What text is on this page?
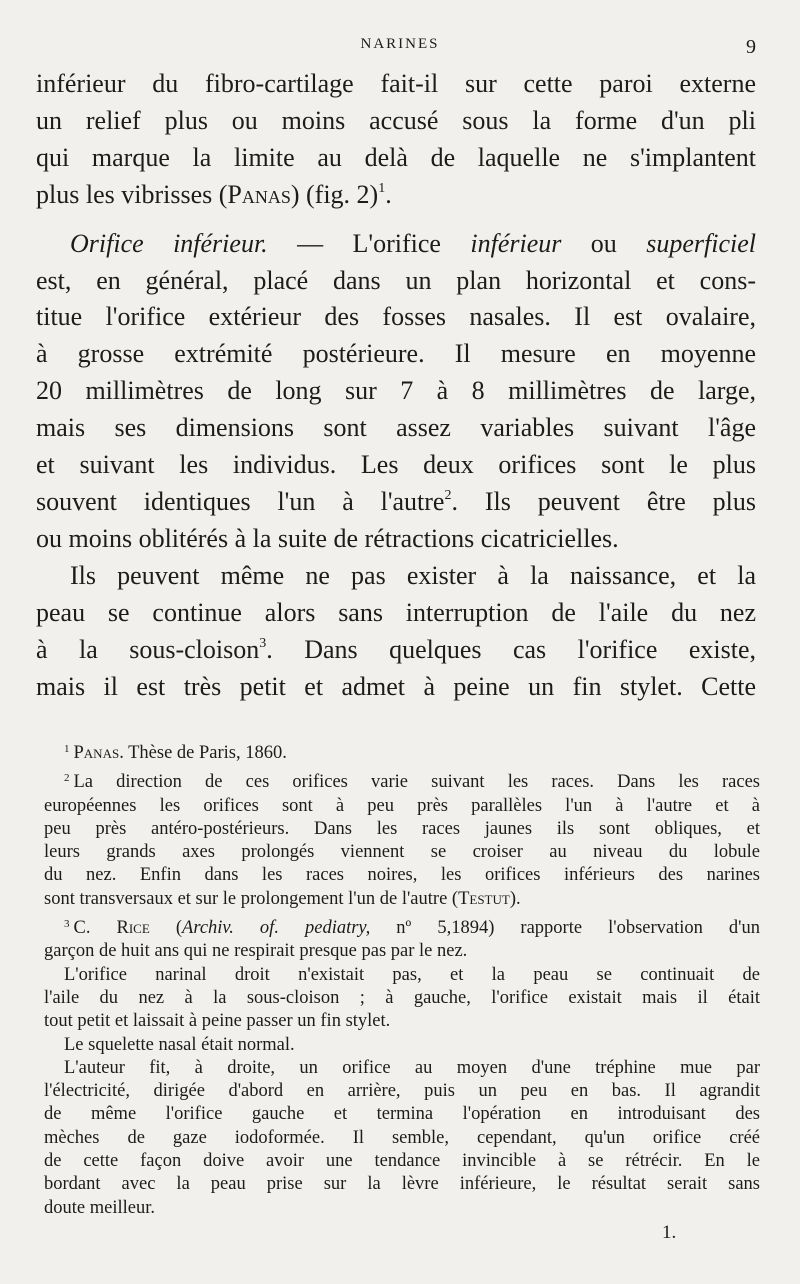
NARINES	9
inférieur du fibro-cartilage fait-il sur cette paroi externe
un relief plus ou moins accusé sous la forme d'un pli
qui marque la limite au delà de laquelle ne s'implantent
plus les vibrisses (Panas) (fig. 2)$^1$.
Orifice inférieur. — L'orifice inférieur ou superficiel
est, en général, placé dans un plan horizontal et cons-
titue l'orifice extérieur des fosses nasales. Il est ovalaire,
à grosse extrémité postérieure. Il mesure en moyenne
20 millimètres de long sur 7 à 8 millimètres de large,
mais ses dimensions sont assez variables suivant l'âge
et suivant les individus. Les deux orifices sont le plus
souvent identiques l'un à l'autre$^2$. Ils peuvent être plus
ou moins oblitérés à la suite de rétractions cicatricielles.
Ils peuvent même ne pas exister à la naissance, et la
peau se continue alors sans interruption de l'aile du nez
à la sous-cloison$^3$. Dans quelques cas l'orifice existe,
mais il est très petit et admet à peine un fin stylet. Cette
$^1$ Panas. Thèse de Paris, 1860.
$^2$ La direction de ces orifices varie suivant les races. Dans les races
européennes les orifices sont à peu près parallèles l'un à l'autre et à
peu près antéro-postérieurs. Dans les races jaunes ils sont obliques, et
leurs grands axes prolongés viennent se croiser au niveau du lobule
du nez. Enfin dans les races noires, les orifices inférieurs des narines
sont transversaux et sur le prolongement l'un de l'autre (Testut).
$^3$ C. Rice (Archiv. of. pediatry, nº 5,1894) rapporte l'observation d'un
garçon de huit ans qui ne respirait presque pas par le nez.
L'orifice narinal droit n'existait pas, et la peau se continuait de
l'aile du nez à la sous-cloison ; à gauche, l'orifice existait mais il était
tout petit et laissait à peine passer un fin stylet.
Le squelette nasal était normal.
L'auteur fit, à droite, un orifice au moyen d'une tréphine mue par
l'électricité, dirigée d'abord en arrière, puis un peu en bas. Il agrandit
de même l'orifice gauche et termina l'opération en introduisant des
mèches de gaze iodoformée. Il semble, cependant, qu'un orifice créé
de cette façon doive avoir une tendance invincible à se rétrécir. En le
bordant avec la peau prise sur la lèvre inférieure, le résultat serait sans
doute meilleur.
1.
